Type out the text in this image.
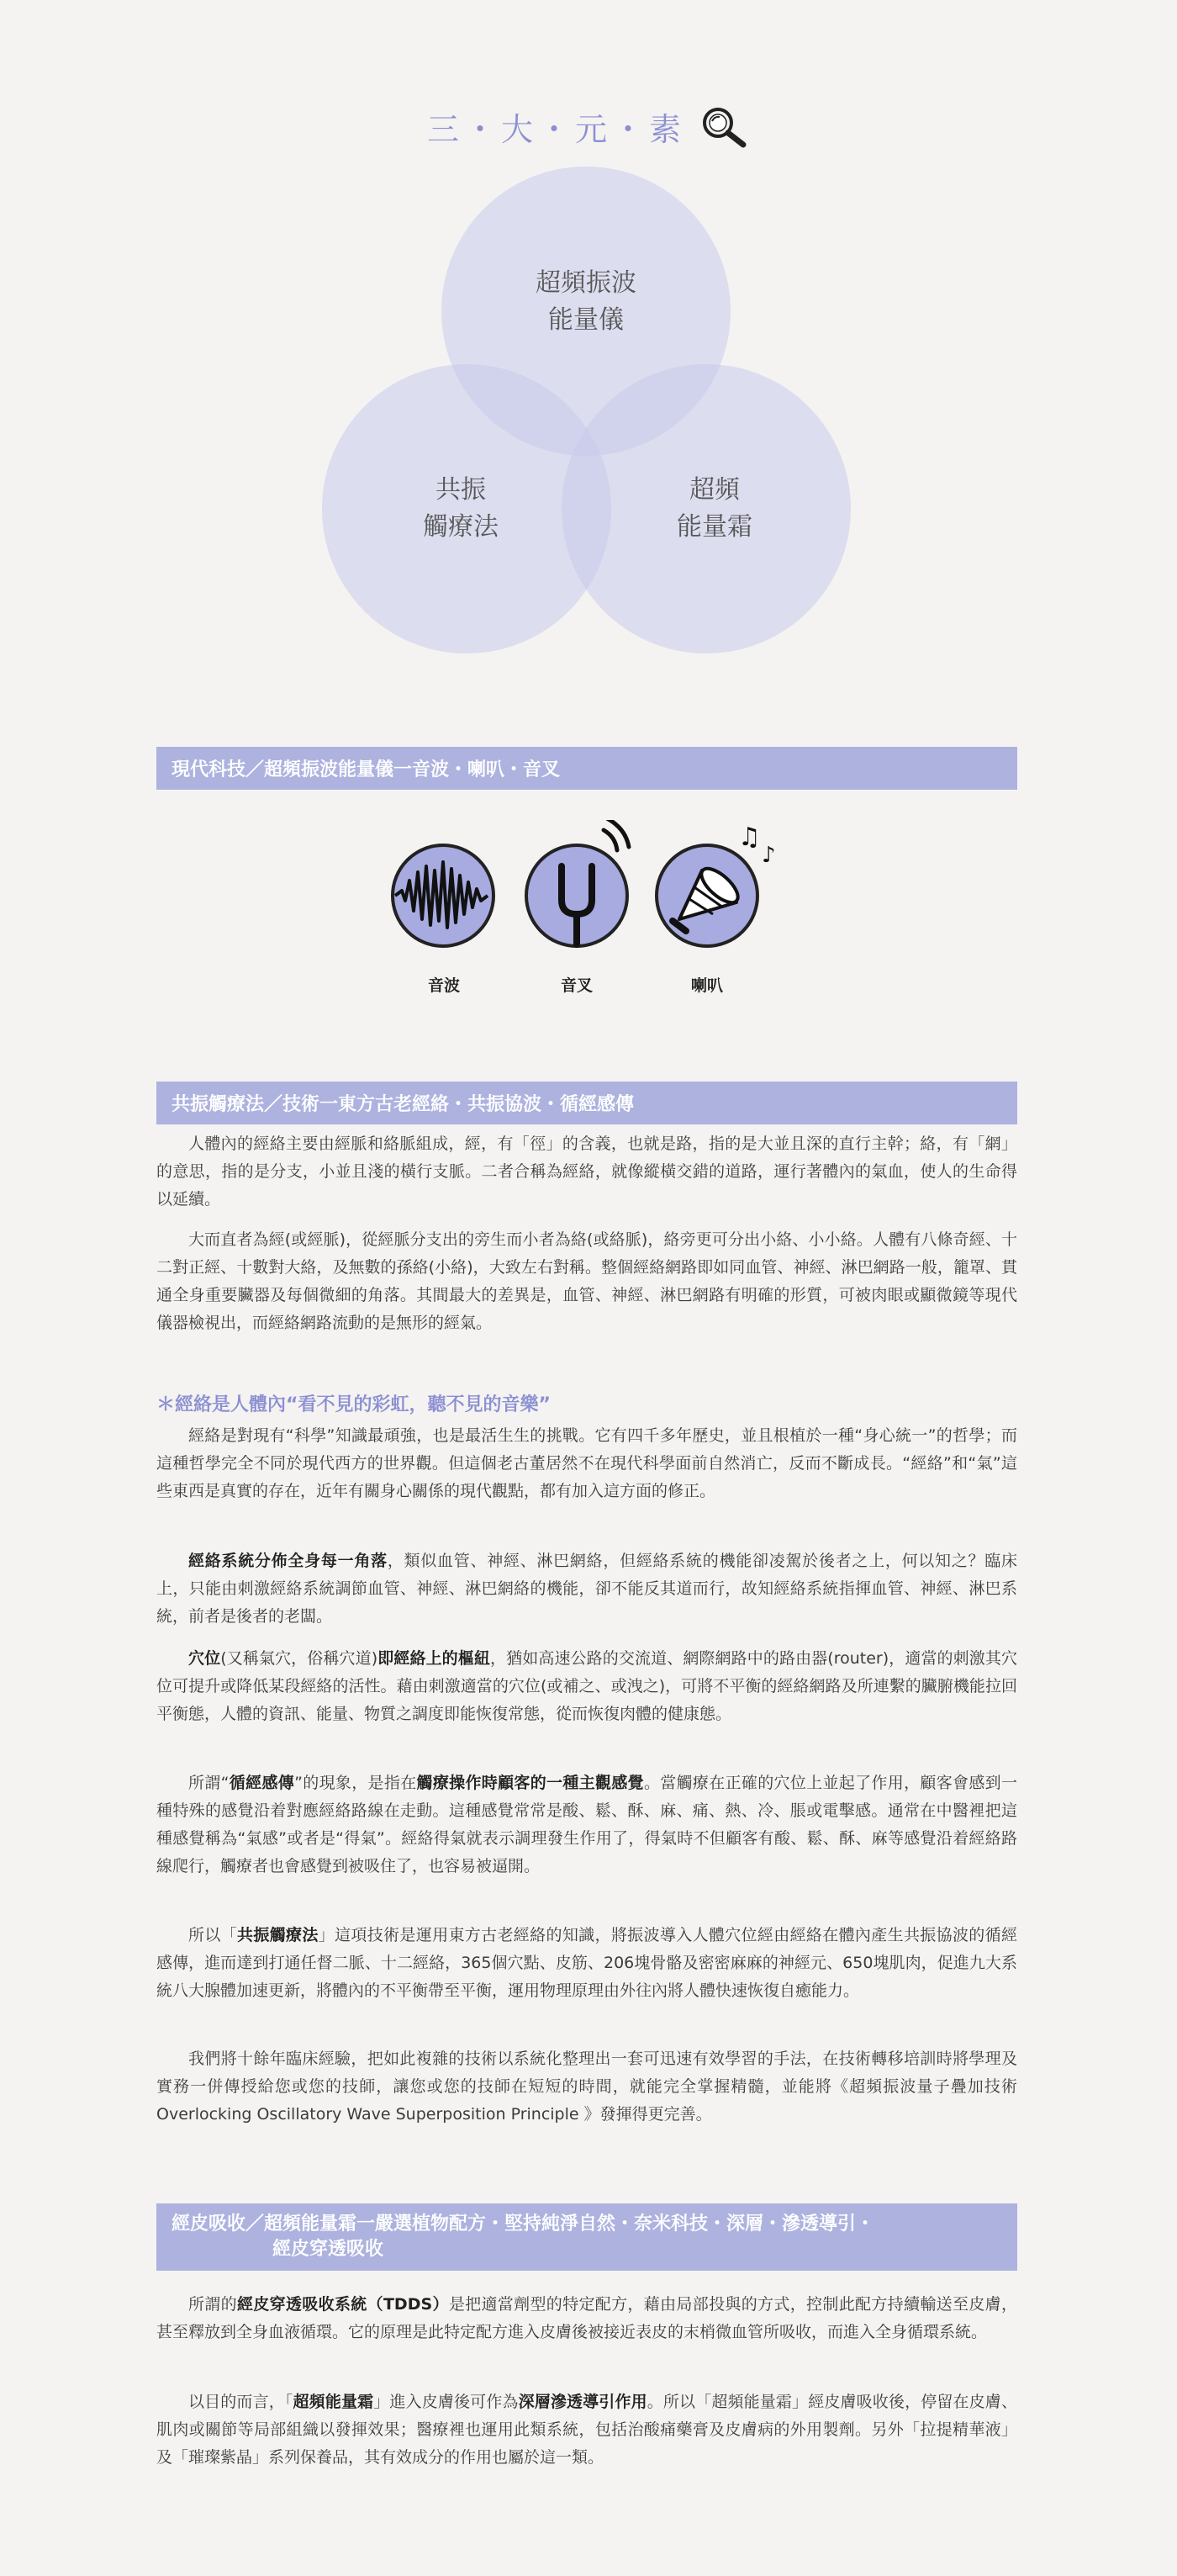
三・大・元・素
超頻振波
能量儀
共振
觸療法
超頻
能量霜
現代科技／超頻振波能量儀一音波・喇叭・音叉
♫
♪
音波	音叉	喇叭
共振觸療法／技術一東方古老經絡・共振協波・循經感傳

人體內的經絡主要由經脈和絡脈組成，經，有「徑」的含義，也就是路，指的是大並且深的直行主幹；絡，有「網」的意思，指的是分支，小並且淺的橫行支脈。二者合稱為經絡，就像縱橫交錯的道路，運行著體內的氣血，使人的生命得以延續。

大而直者為經(或經脈)，從經脈分支出的旁生而小者為絡(或絡脈)，絡旁更可分出小絡、小小絡。人體有八條奇經、十二對正經、十數對大絡，及無數的孫絡(小絡)，大致左右對稱。整個經絡網路即如同血管、神經、淋巴網路一般，籠罩、貫通全身重要臟器及每個微細的角落。其間最大的差異是，血管、神經、淋巴網路有明確的形質，可被肉眼或顯微鏡等現代儀器檢視出，而經絡網路流動的是無形的經氣。

＊經絡是人體內“看不見的彩虹，聽不見的音樂”

經絡是對現有“科學”知識最頑強，也是最活生生的挑戰。它有四千多年歷史，並且根植於一種“身心統一”的哲學；而這種哲學完全不同於現代西方的世界觀。但這個老古董居然不在現代科學面前自然消亡，反而不斷成長。“經絡”和“氣”這些東西是真實的存在，近年有關身心關係的現代觀點，都有加入這方面的修正。

經絡系統分佈全身每一角落，類似血管、神經、淋巴網絡，但經絡系統的機能卻凌駕於後者之上，何以知之？臨床上，只能由刺激經絡系統調節血管、神經、淋巴網絡的機能，卻不能反其道而行，故知經絡系統指揮血管、神經、淋巴系統，前者是後者的老闆。

穴位(又稱氣穴，俗稱穴道)即經絡上的樞紐，猶如高速公路的交流道、網際網路中的路由器(router)，適當的刺激其穴位可提升或降低某段經絡的活性。藉由刺激適當的穴位(或補之、或洩之)，可將不平衡的經絡網路及所連繫的臟腑機能拉回平衡態，人體的資訊、能量、物質之調度即能恢復常態，從而恢復肉體的健康態。

所謂“循經感傳”的現象，是指在觸療操作時顧客的一種主觀感覺。當觸療在正確的穴位上並起了作用，顧客會感到一種特殊的感覺沿着對應經絡路線在走動。這種感覺常常是酸、鬆、酥、麻、痛、熱、冷、脹或電擊感。通常在中醫裡把這種感覺稱為“氣感”或者是“得氣”。經絡得氣就表示調理發生作用了，得氣時不但顧客有酸、鬆、酥、麻等感覺沿着經絡路線爬行，觸療者也會感覺到被吸住了，也容易被逼開。

所以「共振觸療法」這項技術是運用東方古老經絡的知識，將振波導入人體穴位經由經絡在體內產生共振協波的循經感傳，進而達到打通任督二脈、十二經絡，365個穴點、皮筋、206塊骨骼及密密麻麻的神經元、650塊肌肉，促進九大系統八大腺體加速更新，將體內的不平衡帶至平衡，運用物理原理由外往內將人體快速恢復自癒能力。

我們將十餘年臨床經驗，把如此複雜的技術以系統化整理出一套可迅速有效學習的手法，在技術轉移培訓時將學理及實務一併傳授給您或您的技師，讓您或您的技師在短短的時間，就能完全掌握精髓，並能將《超頻振波量子疊加技術 Overlocking Oscillatory Wave Superposition Principle 》發揮得更完善。

經皮吸收／超頻能量霜一嚴選植物配方・堅持純淨自然・奈米科技・深層・滲透導引・
經皮穿透吸收

所謂的經皮穿透吸收系統（TDDS）是把適當劑型的特定配方，藉由局部投與的方式，控制此配方持續輸送至皮膚，甚至釋放到全身血液循環。它的原理是此特定配方進入皮膚後被接近表皮的末梢微血管所吸收，而進入全身循環系統。

以目的而言，「超頻能量霜」進入皮膚後可作為深層滲透導引作用。所以「超頻能量霜」經皮膚吸收後，停留在皮膚、肌肉或關節等局部組織以發揮效果；醫療裡也運用此類系統，包括治酸痛藥膏及皮膚病的外用製劑。另外「拉提精華液」及「璀璨紫晶」系列保養品，其有效成分的作用也屬於這一類。
